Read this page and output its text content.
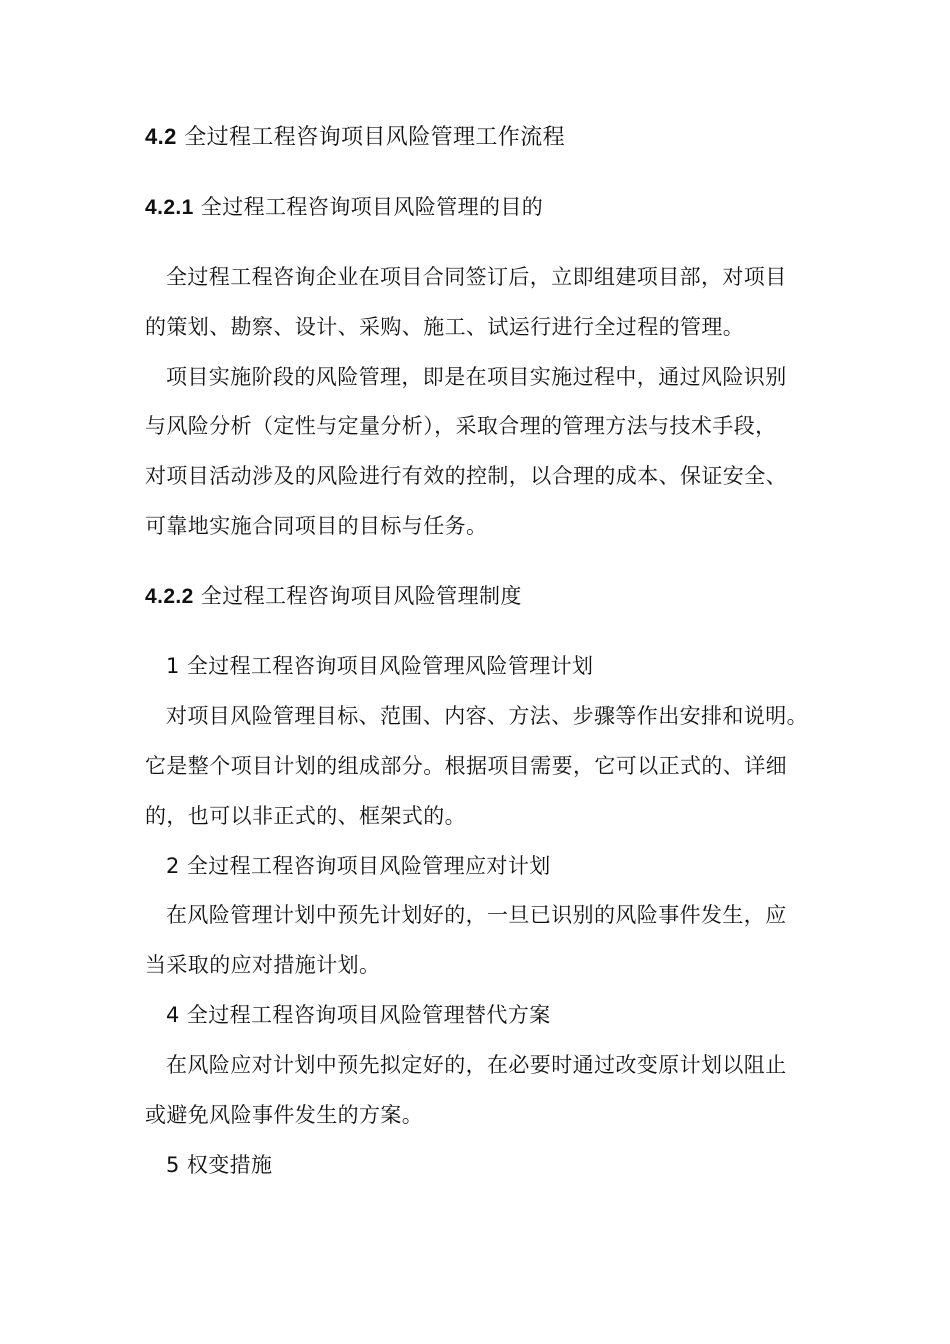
4.2 全过程工程咨询项目风险管理工作流程
4.2.1 全过程工程咨询项目风险管理的目的
全过程工程咨询企业在项目合同签订后，立即组建项目部，对项目
的策划、勘察、设计、采购、施工、试运行进行全过程的管理。
项目实施阶段的风险管理，即是在项目实施过程中，通过风险识别
与风险分析（定性与定量分析），采取合理的管理方法与技术手段，
对项目活动涉及的风险进行有效的控制，以合理的成本、保证安全、
可靠地实施合同项目的目标与任务。
4.2.2 全过程工程咨询项目风险管理制度
1 全过程工程咨询项目风险管理风险管理计划
对项目风险管理目标、范围、内容、方法、步骤等作出安排和说明。
它是整个项目计划的组成部分。根据项目需要，它可以正式的、详细
的，也可以非正式的、框架式的。
2 全过程工程咨询项目风险管理应对计划
在风险管理计划中预先计划好的，一旦已识别的风险事件发生，应
当采取的应对措施计划。
4 全过程工程咨询项目风险管理替代方案
在风险应对计划中预先拟定好的，在必要时通过改变原计划以阻止
或避免风险事件发生的方案。
5 权变措施
